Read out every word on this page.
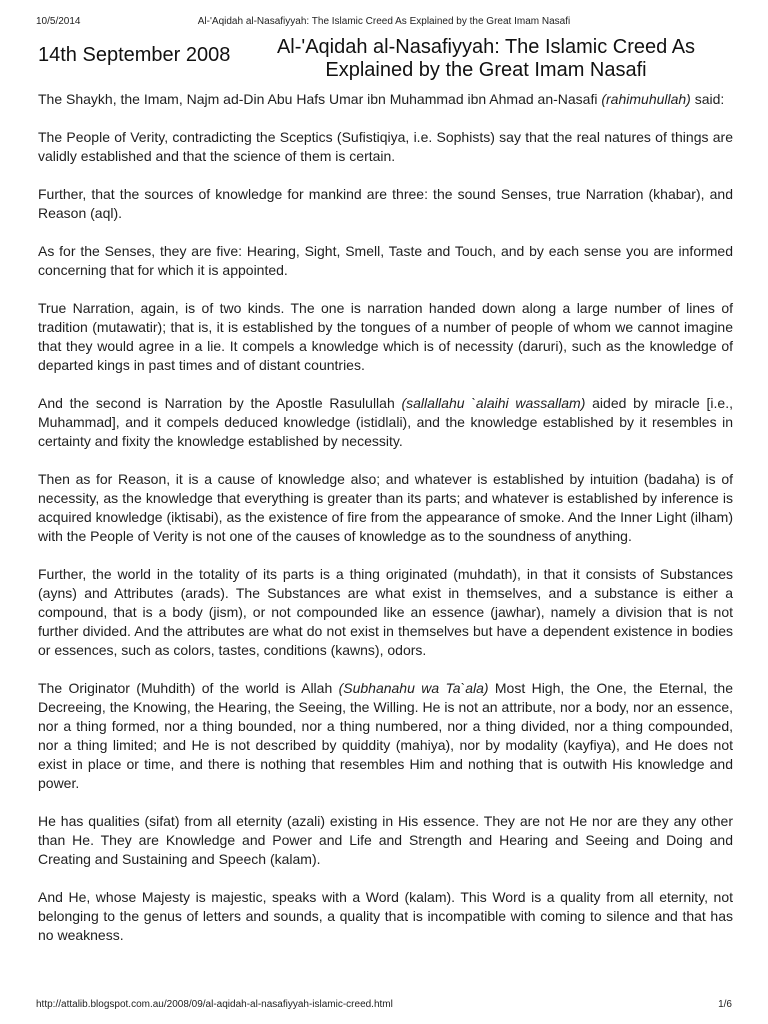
10/5/2014	Al-'Aqidah al-Nasafiyyah: The Islamic Creed As Explained by the Great Imam Nasafi
14th September 2008	Al-'Aqidah al-Nasafiyyah: The Islamic Creed As Explained by the Great Imam Nasafi

The Shaykh, the Imam, Najm ad-Din Abu Hafs Umar ibn Muhammad ibn Ahmad an-Nasafi (rahimuhullah) said:

The People of Verity, contradicting the Sceptics (Sufistiqiya, i.e. Sophists) say that the real natures of things are validly established and that the science of them is certain.

Further, that the sources of knowledge for mankind are three: the sound Senses, true Narration (khabar), and Reason (aql).

As for the Senses, they are five: Hearing, Sight, Smell, Taste and Touch, and by each sense you are informed concerning that for which it is appointed.

True Narration, again, is of two kinds. The one is narration handed down along a large number of lines of tradition (mutawatir); that is, it is established by the tongues of a number of people of whom we cannot imagine that they would agree in a lie. It compels a knowledge which is of necessity (daruri), such as the knowledge of departed kings in past times and of distant countries.

And the second is Narration by the Apostle Rasulullah (sallallahu `alaihi wassallam) aided by miracle [i.e., Muhammad], and it compels deduced knowledge (istidlali), and the knowledge established by it resembles in certainty and fixity the knowledge established by necessity.

Then as for Reason, it is a cause of knowledge also; and whatever is established by intuition (badaha) is of necessity, as the knowledge that everything is greater than its parts; and whatever is established by inference is acquired knowledge (iktisabi), as the existence of fire from the appearance of smoke. And the Inner Light (ilham) with the People of Verity is not one of the causes of knowledge as to the soundness of anything.

Further, the world in the totality of its parts is a thing originated (muhdath), in that it consists of Substances (ayns) and Attributes (arads). The Substances are what exist in themselves, and a substance is either a compound, that is a body (jism), or not compounded like an essence (jawhar), namely a division that is not further divided. And the attributes are what do not exist in themselves but have a dependent existence in bodies or essences, such as colors, tastes, conditions (kawns), odors.

The Originator (Muhdith) of the world is Allah (Subhanahu wa Ta`ala) Most High, the One, the Eternal, the Decreeing, the Knowing, the Hearing, the Seeing, the Willing. He is not an attribute, nor a body, nor an essence, nor a thing formed, nor a thing bounded, nor a thing numbered, nor a thing divided, nor a thing compounded, nor a thing limited; and He is not described by quiddity (mahiya), nor by modality (kayfiya), and He does not exist in place or time, and there is nothing that resembles Him and nothing that is outwith His knowledge and power.

He has qualities (sifat) from all eternity (azali) existing in His essence. They are not He nor are they any other than He. They are Knowledge and Power and Life and Strength and Hearing and Seeing and Doing and Creating and Sustaining and Speech (kalam).

And He, whose Majesty is majestic, speaks with a Word (kalam). This Word is a quality from all eternity, not belonging to the genus of letters and sounds, a quality that is incompatible with coming to silence and that has no weakness.

http://attalib.blogspot.com.au/2008/09/al-aqidah-al-nasafiyyah-islamic-creed.html	1/6
